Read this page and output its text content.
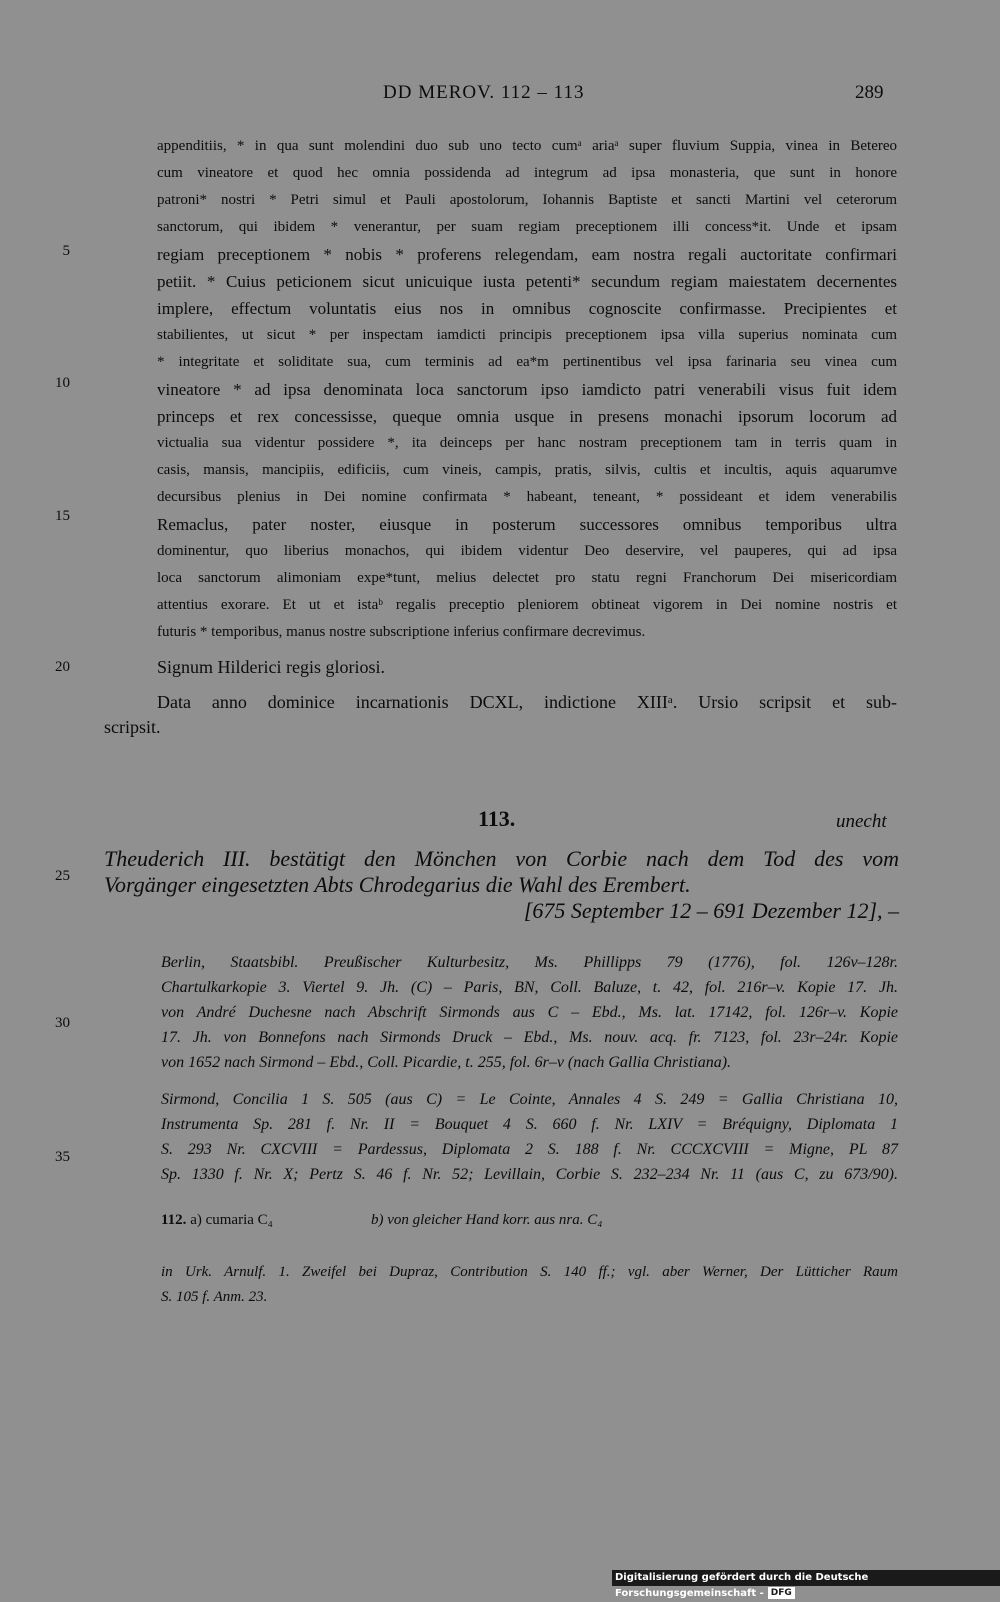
DD MEROV. 112 – 113	289
5
10
15
20
25
30
35
appenditiis, * in qua sunt molendini duo sub uno tecto cumᵃ ariaᵃ super fluvium Suppia, vinea in Betereo
cum vineatore et quod hec omnia possidenda ad integrum ad ipsa monasteria, que sunt in honore
patroni* nostri * Petri simul et Pauli apostolorum, Iohannis Baptiste et sancti Martini vel ceterorum
sanctorum, qui ibidem * venerantur, per suam regiam preceptionem illi concess*it. Unde et ipsam
regiam preceptionem * nobis * proferens relegendam, eam nostra regali auctoritate confirmari
petiit. * Cuius peticionem sicut unicuique iusta petenti* secundum regiam maiestatem decernentes
implere, effectum voluntatis eius nos in omnibus cognoscite confirmasse. Precipientes et
stabilientes, ut sicut * per inspectam iamdicti principis preceptionem ipsa villa superius nominata cum
* integritate et soliditate sua, cum terminis ad ea*m pertinentibus vel ipsa farinaria seu vinea cum
vineatore * ad ipsa denominata loca sanctorum ipso iamdicto patri venerabili visus fuit idem
princeps et rex concessisse, queque omnia usque in presens monachi ipsorum locorum ad
victualia sua videntur possidere *, ita deinceps per hanc nostram preceptionem tam in terris quam in
casis, mansis, mancipiis, edificiis, cum vineis, campis, pratis, silvis, cultis et incultis, aquis aquarumve
decursibus plenius in Dei nomine confirmata * habeant, teneant, * possideant et idem venerabilis
Remaclus, pater noster, eiusque in posterum successores omnibus temporibus ultra
dominentur, quo liberius monachos, qui ibidem videntur Deo deservire, vel pauperes, qui ad ipsa
loca sanctorum alimoniam expe*tunt, melius delectet pro statu regni Franchorum Dei misericordiam
attentius exorare. Et ut et istaᵇ regalis preceptio pleniorem obtineat vigorem in Dei nomine nostris et
futuris * temporibus, manus nostre subscriptione inferius confirmare decrevimus.
Signum Hilderici regis gloriosi.
Data anno dominice incarnationis DCXL, indictione XIIIᵃ. Ursio scripsit et sub-
scripsit.
113.	unecht
Theuderich III. bestätigt den Mönchen von Corbie nach dem Tod des vom
Vorgänger eingesetzten Abts Chrodegarius die Wahl des Erembert.
[675 September 12 – 691 Dezember 12], –
Berlin, Staatsbibl. Preußischer Kulturbesitz, Ms. Phillipps 79 (1776), fol. 126v–128r.
Chartulkarkopie 3. Viertel 9. Jh. (C) – Paris, BN, Coll. Baluze, t. 42, fol. 216r–v. Kopie 17. Jh.
von André Duchesne nach Abschrift Sirmonds aus C – Ebd., Ms. lat. 17142, fol. 126r–v. Kopie
17. Jh. von Bonnefons nach Sirmonds Druck – Ebd., Ms. nouv. acq. fr. 7123, fol. 23r–24r. Kopie
von 1652 nach Sirmond – Ebd., Coll. Picardie, t. 255, fol. 6r–v (nach Gallia Christiana).
Sirmond, Concilia 1 S. 505 (aus C) = Le Cointe, Annales 4 S. 249 = Gallia Christiana 10,
Instrumenta Sp. 281 f. Nr. II = Bouquet 4 S. 660 f. Nr. LXIV = Bréquigny, Diplomata 1
S. 293 Nr. CXCVIII = Pardessus, Diplomata 2 S. 188 f. Nr. CCCXCVIII = Migne, PL 87
Sp. 1330 f. Nr. X; Pertz S. 46 f. Nr. 52; Levillain, Corbie S. 232–234 Nr. 11 (aus C, zu 673/90).
112. a) cumaria C₄	b) von gleicher Hand korr. aus nra. C₄
in Urk. Arnulf. 1. Zweifel bei Dupraz, Contribution S. 140 ff.; vgl. aber Werner, Der Lütticher Raum
S. 105 f. Anm. 23.
Digitalisierung gefördert durch die Deutsche Forschungsgemeinschaft - DFG
